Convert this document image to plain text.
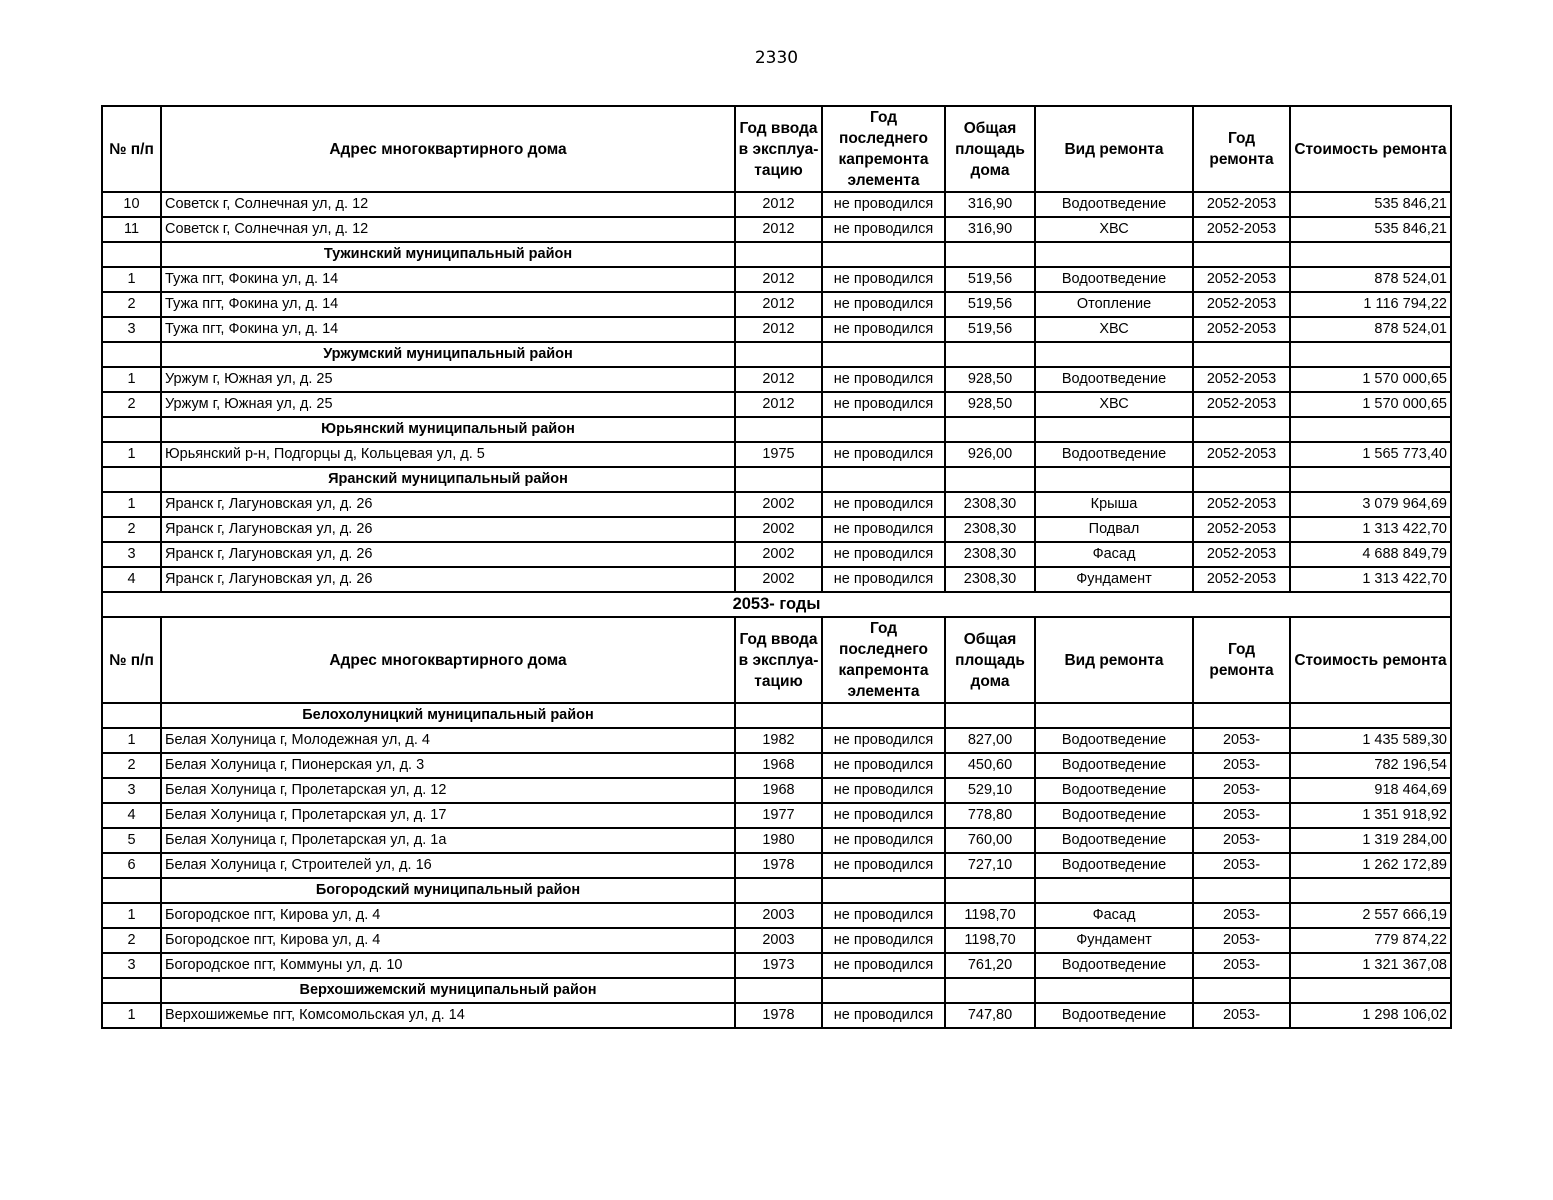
2330
№ п/п	Адрес многоквартирного дома	Год ввода в эксплуа-тацию	Год последнего капремонта элемента	Общая площадь дома	Вид ремонта	Год ремонта	Стоимость ремонта
10	Советск г, Солнечная ул, д. 12	2012	не проводился	316,90	Водоотведение	2052-2053	535 846,21
11	Советск г, Солнечная ул, д. 12	2012	не проводился	316,90	ХВС	2052-2053	535 846,21
	Тужинский муниципальный район						
1	Тужа пгт, Фокина ул, д. 14	2012	не проводился	519,56	Водоотведение	2052-2053	878 524,01
2	Тужа пгт, Фокина ул, д. 14	2012	не проводился	519,56	Отопление	2052-2053	1 116 794,22
3	Тужа пгт, Фокина ул, д. 14	2012	не проводился	519,56	ХВС	2052-2053	878 524,01
	Уржумский муниципальный район						
1	Уржум г, Южная ул, д. 25	2012	не проводился	928,50	Водоотведение	2052-2053	1 570 000,65
2	Уржум г, Южная ул, д. 25	2012	не проводился	928,50	ХВС	2052-2053	1 570 000,65
	Юрьянский муниципальный район						
1	Юрьянский р-н, Подгорцы д, Кольцевая ул, д. 5	1975	не проводился	926,00	Водоотведение	2052-2053	1 565 773,40
	Яранский муниципальный район						
1	Яранск г, Лагуновская ул, д. 26	2002	не проводился	2308,30	Крыша	2052-2053	3 079 964,69
2	Яранск г, Лагуновская ул, д. 26	2002	не проводился	2308,30	Подвал	2052-2053	1 313 422,70
3	Яранск г, Лагуновская ул, д. 26	2002	не проводился	2308,30	Фасад	2052-2053	4 688 849,79
4	Яранск г, Лагуновская ул, д. 26	2002	не проводился	2308,30	Фундамент	2052-2053	1 313 422,70
2053- годы							
№ п/п	Адрес многоквартирного дома	Год ввода в эксплуа-тацию	Год последнего капремонта элемента	Общая площадь дома	Вид ремонта	Год ремонта	Стоимость ремонта
	Белохолуницкий муниципальный район						
1	Белая Холуница г, Молодежная ул, д. 4	1982	не проводился	827,00	Водоотведение	2053-	1 435 589,30
2	Белая Холуница г, Пионерская ул, д. 3	1968	не проводился	450,60	Водоотведение	2053-	782 196,54
3	Белая Холуница г, Пролетарская ул, д. 12	1968	не проводился	529,10	Водоотведение	2053-	918 464,69
4	Белая Холуница г, Пролетарская ул, д. 17	1977	не проводился	778,80	Водоотведение	2053-	1 351 918,92
5	Белая Холуница г, Пролетарская ул, д. 1а	1980	не проводился	760,00	Водоотведение	2053-	1 319 284,00
6	Белая Холуница г, Строителей ул, д. 16	1978	не проводился	727,10	Водоотведение	2053-	1 262 172,89
	Богородский муниципальный район						
1	Богородское пгт, Кирова ул, д. 4	2003	не проводился	1198,70	Фасад	2053-	2 557 666,19
2	Богородское пгт, Кирова ул, д. 4	2003	не проводился	1198,70	Фундамент	2053-	779 874,22
3	Богородское пгт, Коммуны ул, д. 10	1973	не проводился	761,20	Водоотведение	2053-	1 321 367,08
	Верхошижемский муниципальный район						
1	Верхошижемье пгт, Комсомольская ул, д. 14	1978	не проводился	747,80	Водоотведение	2053-	1 298 106,02
